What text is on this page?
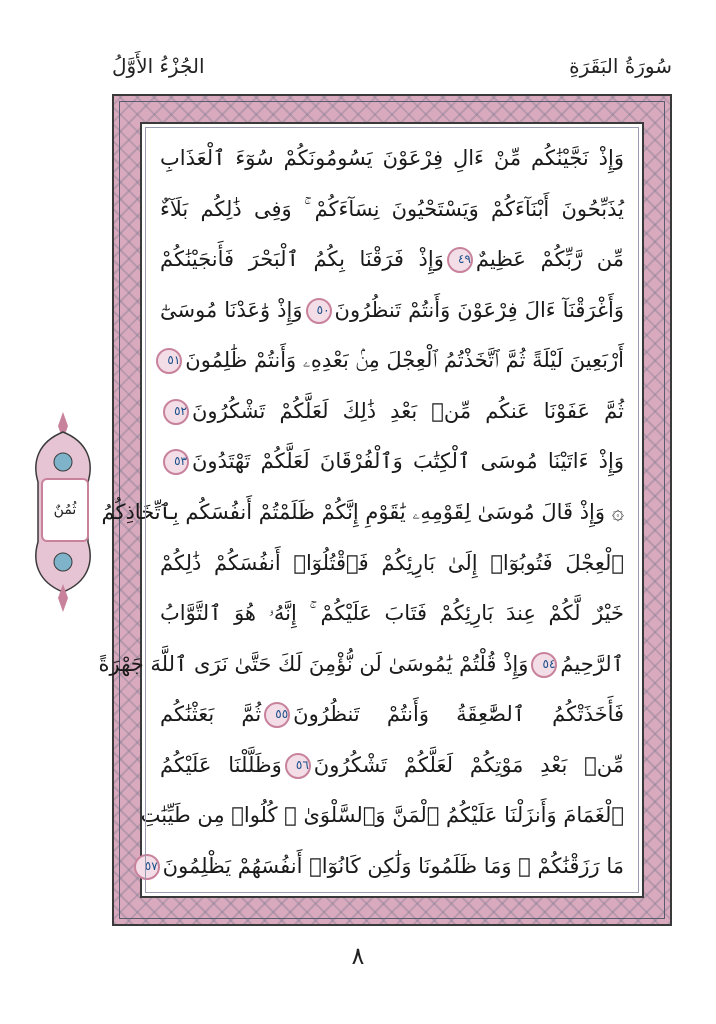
سُورَةُ البَقَرَةِ
الجُزْءُ الأَوَّلُ
وَإِذْ نَجَّيْنَٰكُم مِّنْ ءَالِ فِرْعَوْنَ يَسُومُونَكُمْ سُوٓءَ ٱلْعَذَابِ
يُذَبِّحُونَ أَبْنَآءَكُمْ وَيَسْتَحْيُونَ نِسَآءَكُمْ ۚ وَفِى ذَٰلِكُم بَلَآءٌ
مِّن رَّبِّكُمْ عَظِيمٌ٤٩وَإِذْ فَرَقْنَا بِكُمُ ٱلْبَحْرَ فَأَنجَيْنَٰكُمْ
وَأَغْرَقْنَآ ءَالَ فِرْعَوْنَ وَأَنتُمْ تَنظُرُونَ٥٠وَإِذْ وَٰعَدْنَا مُوسَىٰٓ
أَرْبَعِينَ لَيْلَةً ثُمَّ ٱتَّخَذْتُمُ ٱلْعِجْلَ مِنۢ بَعْدِهِۦ وَأَنتُمْ ظَٰلِمُونَ٥١
ثُمَّ عَفَوْنَا عَنكُم مِّنۢ بَعْدِ ذَٰلِكَ لَعَلَّكُمْ تَشْكُرُونَ٥٢
وَإِذْ ءَاتَيْنَا مُوسَى ٱلْكِتَٰبَ وَٱلْفُرْقَانَ لَعَلَّكُمْ تَهْتَدُونَ٥٣
۞ وَإِذْ قَالَ مُوسَىٰ لِقَوْمِهِۦ يَٰقَوْمِ إِنَّكُمْ ظَلَمْتُمْ أَنفُسَكُم بِٱتِّخَاذِكُمُ
ٱلْعِجْلَ فَتُوبُوٓا۟ إِلَىٰ بَارِئِكُمْ فَٱقْتُلُوٓا۟ أَنفُسَكُمْ ذَٰلِكُمْ
خَيْرٌ لَّكُمْ عِندَ بَارِئِكُمْ فَتَابَ عَلَيْكُمْ ۚ إِنَّهُۥ هُوَ ٱلتَّوَّابُ
ٱلرَّحِيمُ٥٤وَإِذْ قُلْتُمْ يَٰمُوسَىٰ لَن نُّؤْمِنَ لَكَ حَتَّىٰ نَرَى ٱللَّهَ جَهْرَةً
فَأَخَذَتْكُمُ ٱلصَّٰعِقَةُ وَأَنتُمْ تَنظُرُونَ٥٥ثُمَّ بَعَثْنَٰكُم
مِّنۢ بَعْدِ مَوْتِكُمْ لَعَلَّكُمْ تَشْكُرُونَ٥٦وَظَلَّلْنَا عَلَيْكُمُ
ٱلْغَمَامَ وَأَنزَلْنَا عَلَيْكُمُ ٱلْمَنَّ وَٱلسَّلْوَىٰ ۖ كُلُوا۟ مِن طَيِّبَٰتِ
مَا رَزَقْنَٰكُمْ ۖ وَمَا ظَلَمُونَا وَلَٰكِن كَانُوٓا۟ أَنفُسَهُمْ يَظْلِمُونَ٥٧
ثُمُنٌ
٨
